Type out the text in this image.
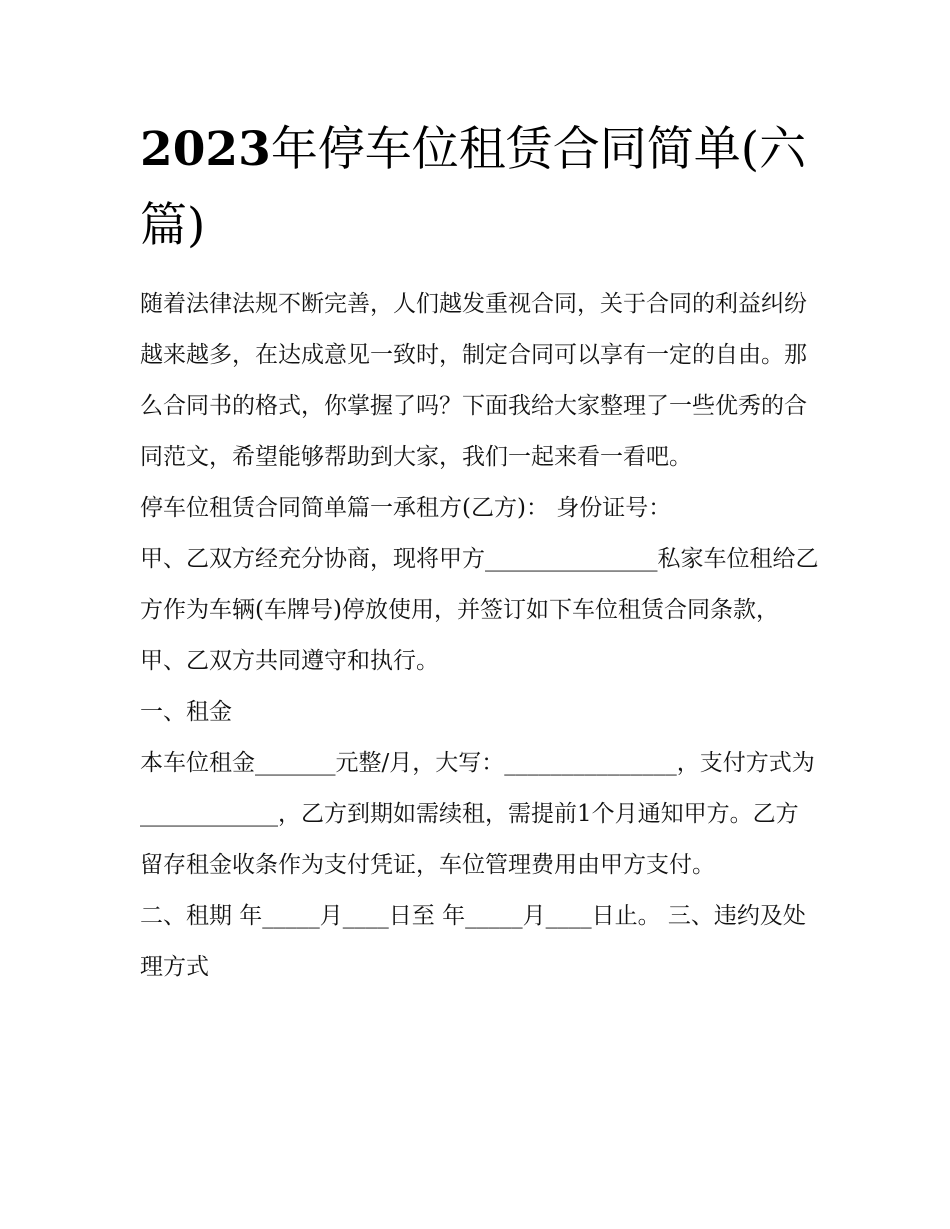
2023年停车位租赁合同简单(六篇)

随着法律法规不断完善，人们越发重视合同，关于合同的利益纠纷越来越多，在达成意见一致时，制定合同可以享有一定的自由。那么合同书的格式，你掌握了吗？下面我给大家整理了一些优秀的合同范文，希望能够帮助到大家，我们一起来看一看吧。

停车位租赁合同简单篇一承租方(乙方)： 身份证号：

甲、乙双方经充分协商，现将甲方_______________私家车位租给乙方作为车辆(车牌号)停放使用，并签订如下车位租赁合同条款，甲、乙双方共同遵守和执行。

一、租金

本车位租金_______元整/月，大写：_______________，支付方式为____________，乙方到期如需续租，需提前1个月通知甲方。乙方留存租金收条作为支付凭证，车位管理费用由甲方支付。

二、租期 年_____月____日至 年_____月____日止。 三、违约及处理方式
